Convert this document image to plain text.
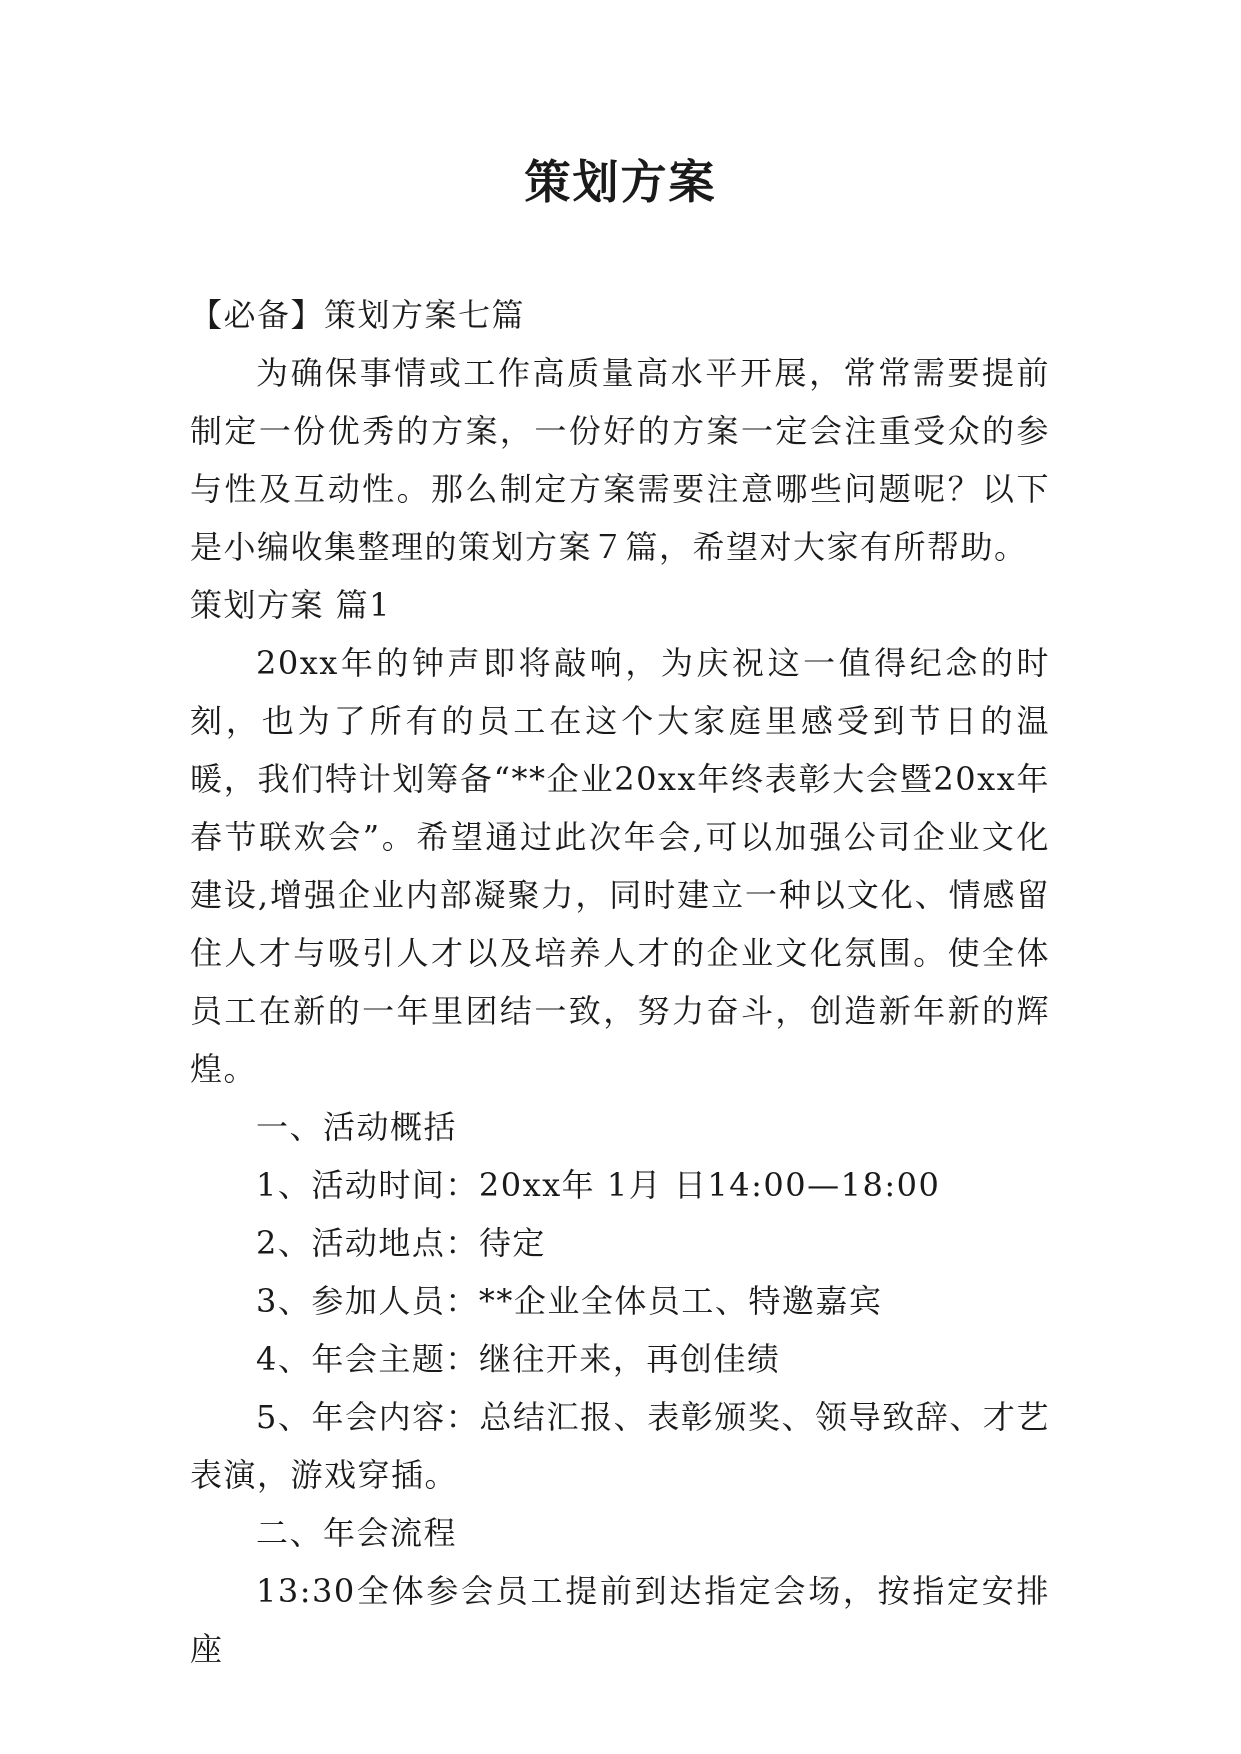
策划方案

【必备】策划方案七篇

为确保事情或工作高质量高水平开展，常常需要提前制定一份优秀的方案，一份好的方案一定会注重受众的参与性及互动性。那么制定方案需要注意哪些问题呢？以下是小编收集整理的策划方案７篇，希望对大家有所帮助。

策划方案 篇1

20xx年的钟声即将敲响，为庆祝这一值得纪念的时刻，也为了所有的员工在这个大家庭里感受到节日的温暖，我们特计划筹备“**企业20xx年终表彰大会暨20xx年春节联欢会”。希望通过此次年会,可以加强公司企业文化建设,增强企业内部凝聚力，同时建立一种以文化、情感留住人才与吸引人才以及培养人才的企业文化氛围。使全体员工在新的一年里团结一致，努力奋斗，创造新年新的辉煌。

一、活动概括

1、活动时间：20xx年 1月 日14:00—18:00

2、活动地点：待定

3、参加人员：**企业全体员工、特邀嘉宾

4、年会主题：继往开来，再创佳绩

5、年会内容：总结汇报、表彰颁奖、领导致辞、才艺表演，游戏穿插。

二、年会流程

13:30全体参会员工提前到达指定会场，按指定安排座
